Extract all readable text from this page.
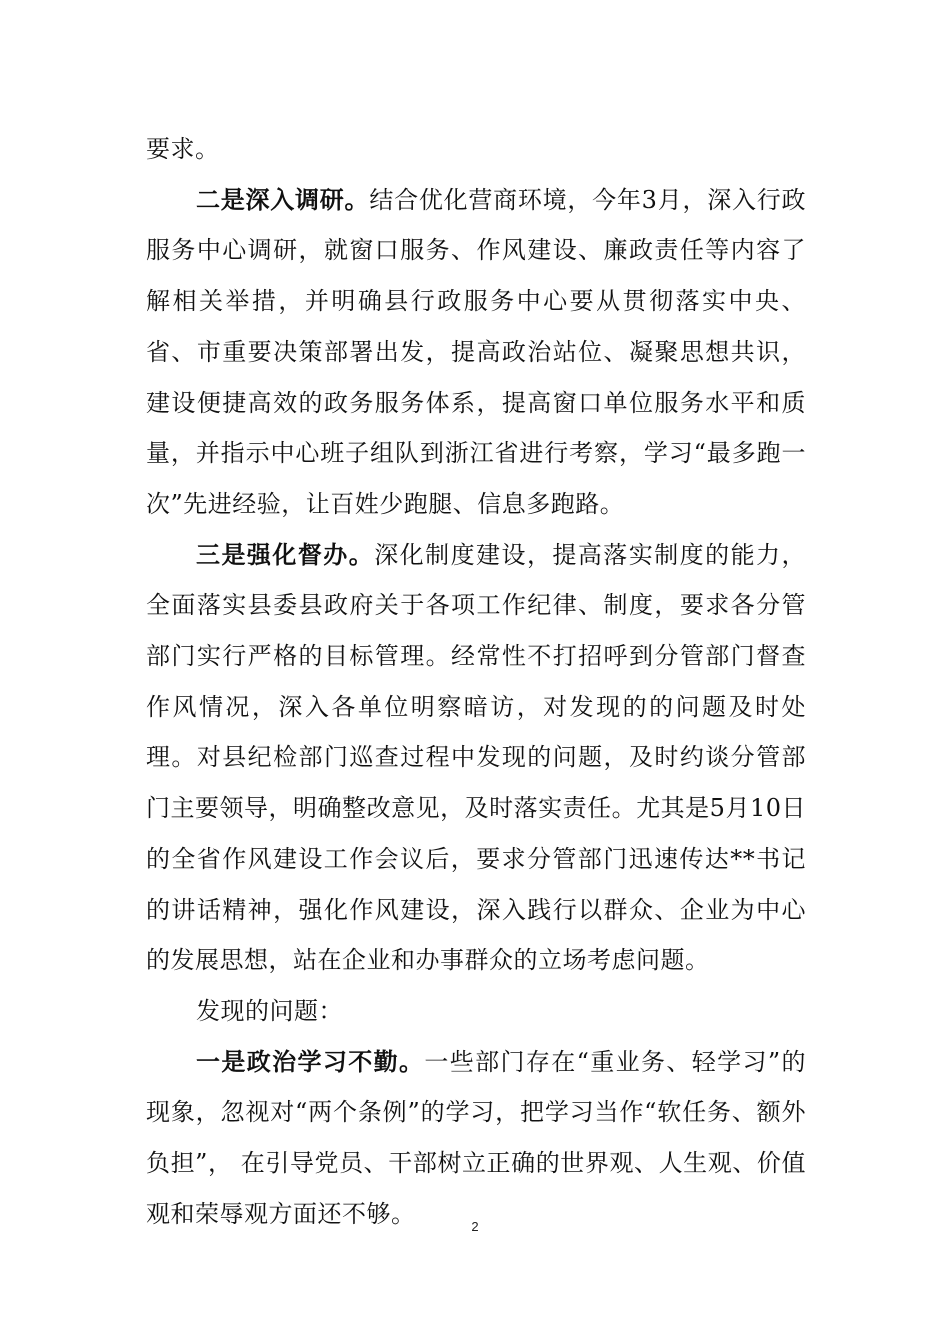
要求。

二是深入调研。结合优化营商环境，今年3月，深入行政服务中心调研，就窗口服务、作风建设、廉政责任等内容了解相关举措，并明确县行政服务中心要从贯彻落实中央、省、市重要决策部署出发，提高政治站位、凝聚思想共识，建设便捷高效的政务服务体系，提高窗口单位服务水平和质量，并指示中心班子组队到浙江省进行考察，学习“最多跑一次”先进经验，让百姓少跑腿、信息多跑路。

三是强化督办。深化制度建设，提高落实制度的能力，全面落实县委县政府关于各项工作纪律、制度，要求各分管部门实行严格的目标管理。经常性不打招呼到分管部门督查作风情况，深入各单位明察暗访，对发现的的问题及时处理。对县纪检部门巡查过程中发现的问题，及时约谈分管部门主要领导，明确整改意见，及时落实责任。尤其是5月10日的全省作风建设工作会议后，要求分管部门迅速传达**书记的讲话精神，强化作风建设，深入践行以群众、企业为中心的发展思想，站在企业和办事群众的立场考虑问题。

发现的问题：

一是政治学习不勤。一些部门存在“重业务、轻学习”的现象，忽视对“两个条例”的学习，把学习当作“软任务、额外负担”， 在引导党员、干部树立正确的世界观、人生观、价值观和荣辱观方面还不够。	2
